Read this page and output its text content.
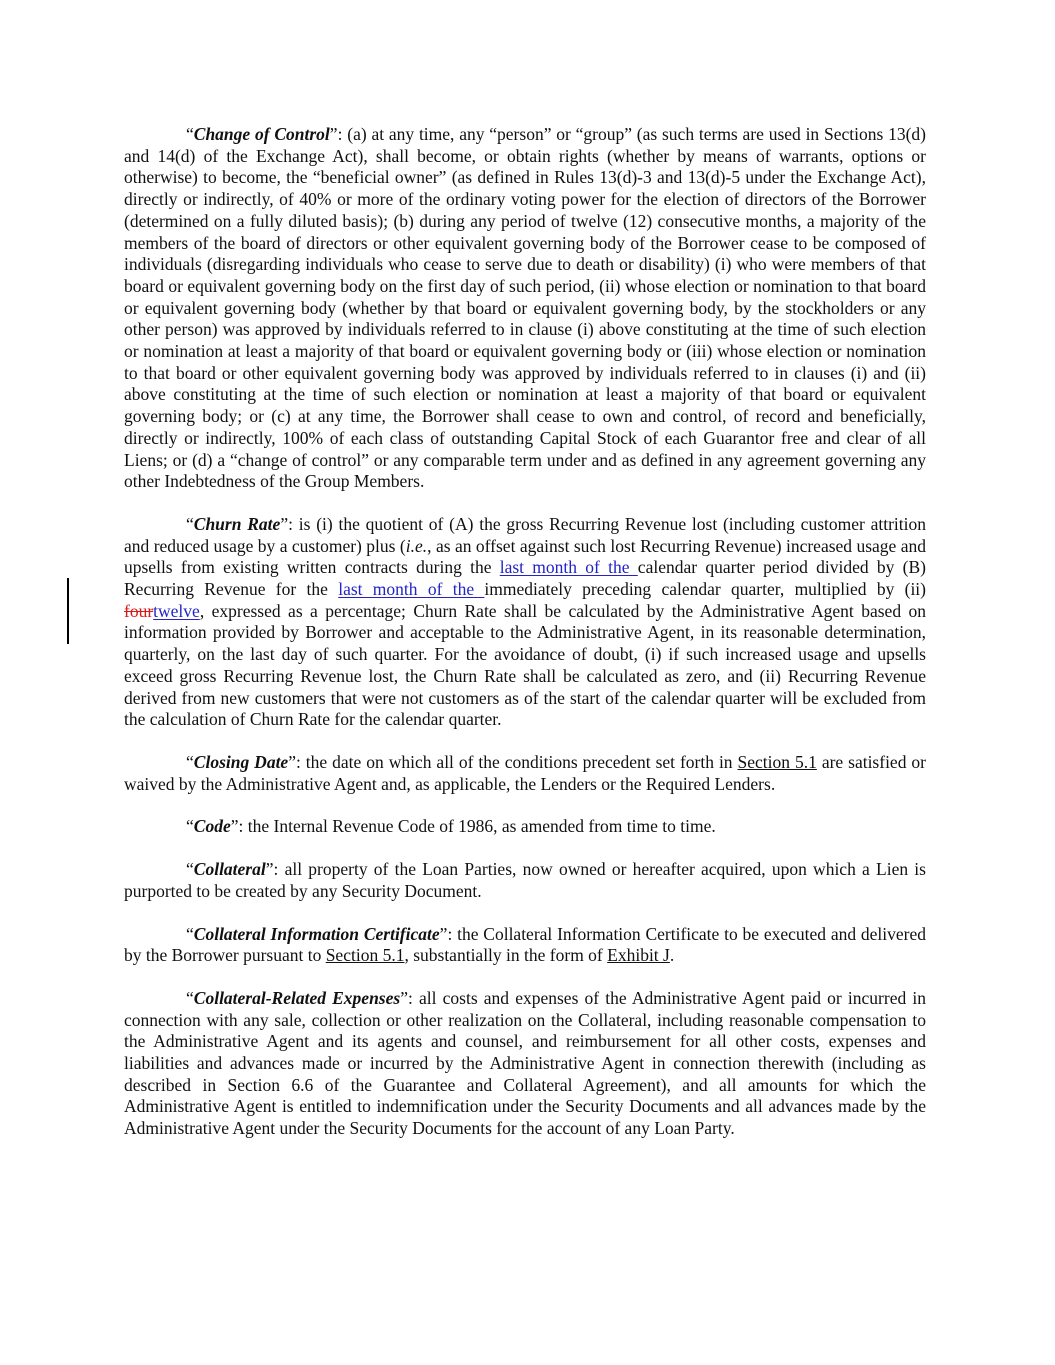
“Change of Control”: (a) at any time, any “person” or “group” (as such terms are used in Sections 13(d) and 14(d) of the Exchange Act), shall become, or obtain rights (whether by means of warrants, options or otherwise) to become, the “beneficial owner” (as defined in Rules 13(d)-3 and 13(d)-5 under the Exchange Act), directly or indirectly, of 40% or more of the ordinary voting power for the election of directors of the Borrower (determined on a fully diluted basis); (b) during any period of twelve (12) consecutive months, a majority of the members of the board of directors or other equivalent governing body of the Borrower cease to be composed of individuals (disregarding individuals who cease to serve due to death or disability) (i) who were members of that board or equivalent governing body on the first day of such period, (ii) whose election or nomination to that board or equivalent governing body (whether by that board or equivalent governing body, by the stockholders or any other person) was approved by individuals referred to in clause (i) above constituting at the time of such election or nomination at least a majority of that board or equivalent governing body or (iii) whose election or nomination to that board or other equivalent governing body was approved by individuals referred to in clauses (i) and (ii) above constituting at the time of such election or nomination at least a majority of that board or equivalent governing body; or (c) at any time, the Borrower shall cease to own and control, of record and beneficially, directly or indirectly, 100% of each class of outstanding Capital Stock of each Guarantor free and clear of all Liens; or (d) a “change of control” or any comparable term under and as defined in any agreement governing any other Indebtedness of the Group Members.

“Churn Rate”: is (i) the quotient of (A) the gross Recurring Revenue lost (including customer attrition and reduced usage by a customer) plus (i.e., as an offset against such lost Recurring Revenue) increased usage and upsells from existing written contracts during the last month of the calendar quarter period divided by (B) Recurring Revenue for the last month of the immediately preceding calendar quarter, multiplied by (ii) fourtwelve, expressed as a percentage; Churn Rate shall be calculated by the Administrative Agent based on information provided by Borrower and acceptable to the Administrative Agent, in its reasonable determination, quarterly, on the last day of such quarter. For the avoidance of doubt, (i) if such increased usage and upsells exceed gross Recurring Revenue lost, the Churn Rate shall be calculated as zero, and (ii) Recurring Revenue derived from new customers that were not customers as of the start of the calendar quarter will be excluded from the calculation of Churn Rate for the calendar quarter.

“Closing Date”: the date on which all of the conditions precedent set forth in Section 5.1 are satisfied or waived by the Administrative Agent and, as applicable, the Lenders or the Required Lenders.

“Code”: the Internal Revenue Code of 1986, as amended from time to time.

“Collateral”: all property of the Loan Parties, now owned or hereafter acquired, upon which a Lien is purported to be created by any Security Document.

“Collateral Information Certificate”: the Collateral Information Certificate to be executed and delivered by the Borrower pursuant to Section 5.1, substantially in the form of Exhibit J.

“Collateral-Related Expenses”: all costs and expenses of the Administrative Agent paid or incurred in connection with any sale, collection or other realization on the Collateral, including reasonable compensation to the Administrative Agent and its agents and counsel, and reimbursement for all other costs, expenses and liabilities and advances made or incurred by the Administrative Agent in connection therewith (including as described in Section 6.6 of the Guarantee and Collateral Agreement), and all amounts for which the Administrative Agent is entitled to indemnification under the Security Documents and all advances made by the Administrative Agent under the Security Documents for the account of any Loan Party.
